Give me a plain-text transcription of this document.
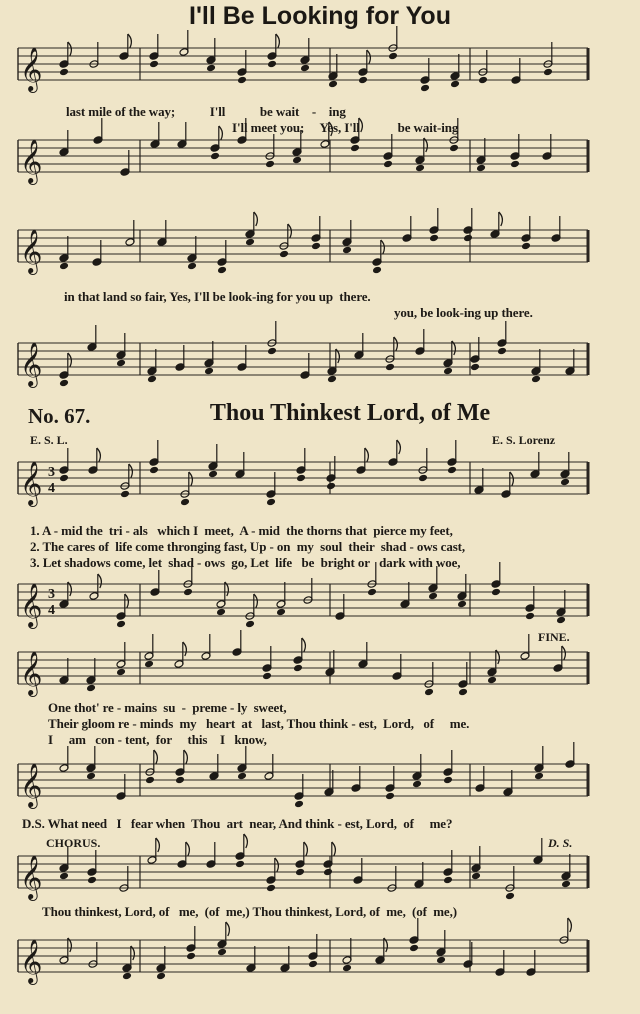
I'll Be Looking for You
𝄞
𝄞
last mile of the way;           I'll           be wait    -    ing
I'll meet you;     Yes, I'll            be wait-ing
𝄞
𝄞
in that land so fair, Yes, I'll be look-ing for you up  there.
you, be look-ing up there.
No. 67.	Thou Thinkest Lord, of Me
E. S. L.	E. S. Lorenz
𝄞 3
4
𝄞 3
4
1. A - mid the  tri - als   which I  meet,  A - mid  the thorns that  pierce my feet,
2. The cares of  life come thronging fast, Up - on  my  soul  their  shad - ows cast,
3. Let shadows come, let  shad - ows  go, Let  life   be  bright or   dark with woe,
FINE.
𝄞
𝄞
One thot' re - mains  su  -  preme - ly  sweet,
Their gloom re - minds  my   heart  at   last, Thou think - est,  Lord,   of     me.
I     am   con - tent,  for     this    I   know,
D.S. What need   I   fear when  Thou  art  near, And think - est, Lord,  of     me?
CHORUS.	D. S.
𝄞
𝄞
Thou thinkest, Lord, of   me,  (of  me,) Thou thinkest, Lord, of  me,  (of  me,)
